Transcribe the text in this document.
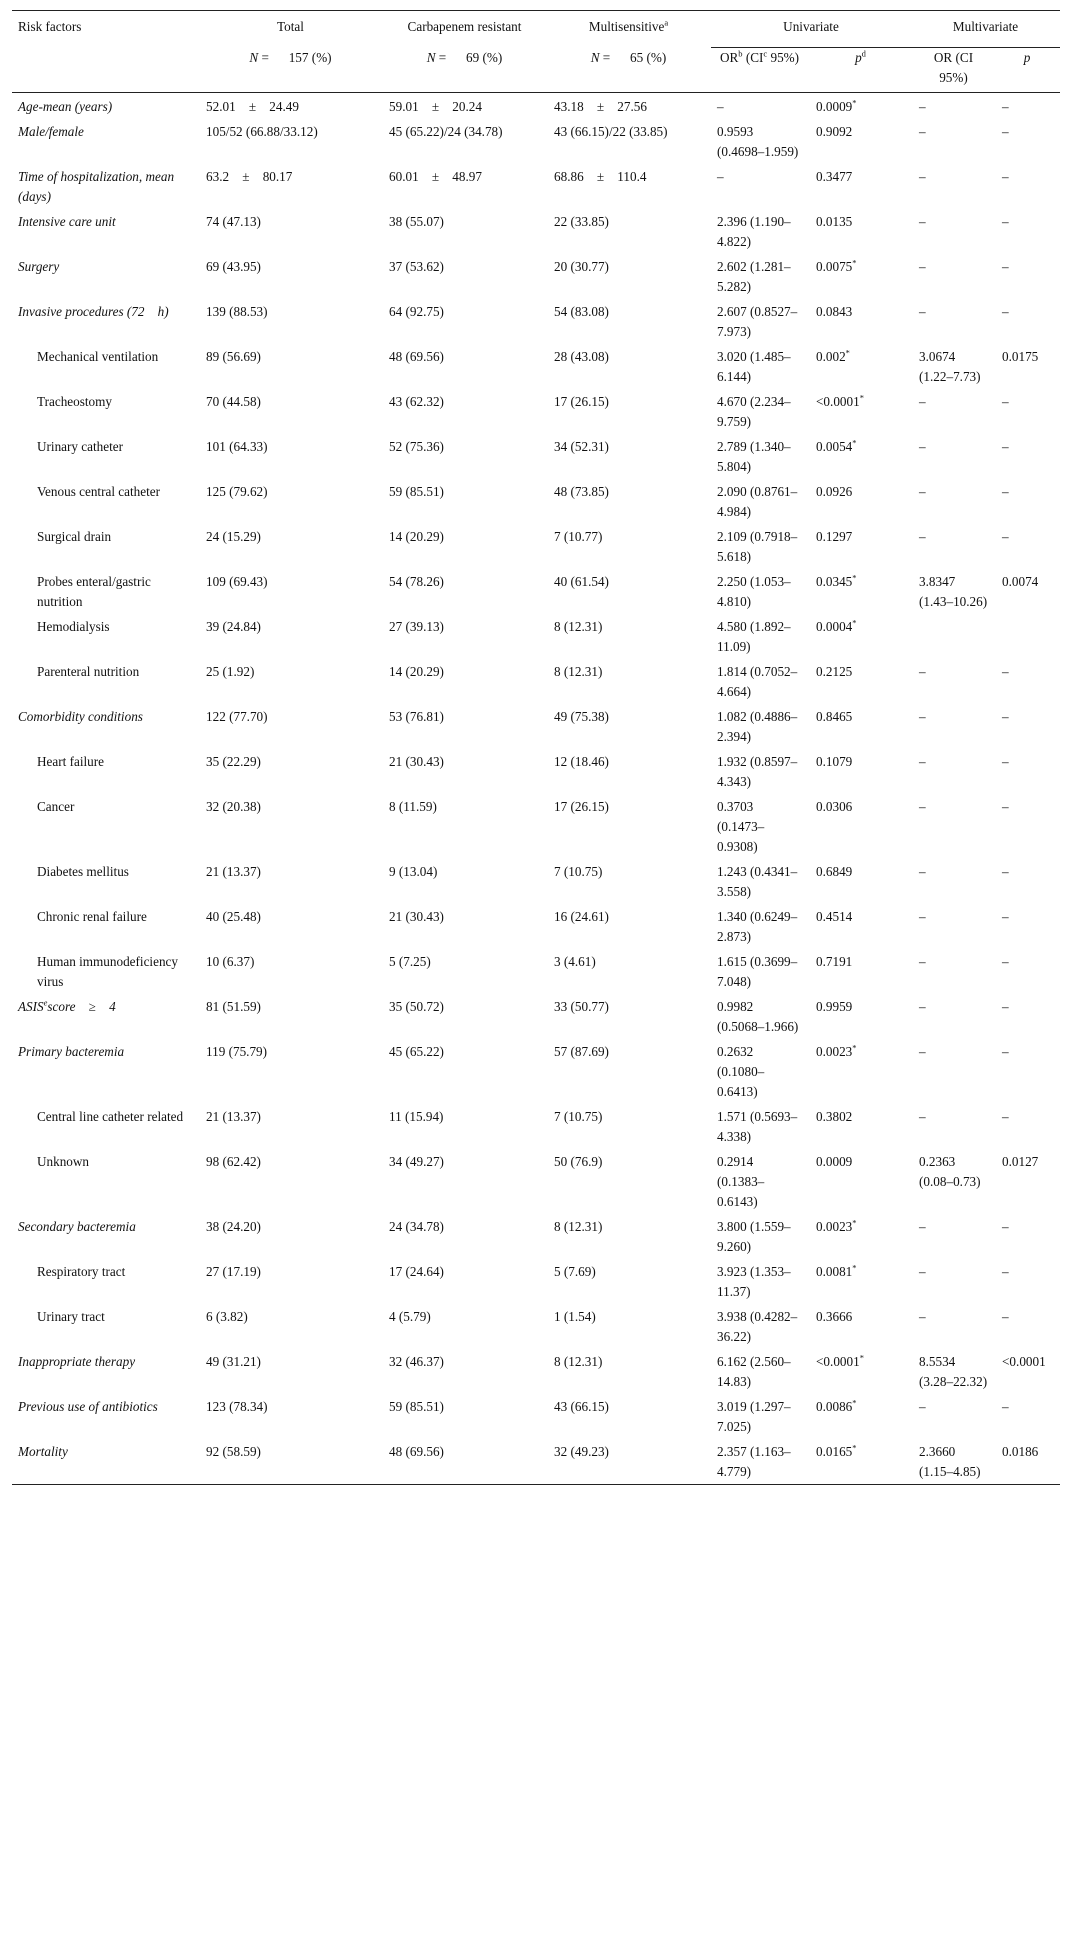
Risk factors	Total	Carbapenem resistant	Multisensitive$^a$	Univariate		Multivariate	
	N =      157 (%)	N =      69 (%)	N =      65 (%)	$OR^b$ ($CI^c$ 95%)	$p^d$	OR (CI 95%)	p
Age-mean (years)	52.01    ±    24.49	59.01    ±    20.24	43.18    ±    27.56	–	0.0009*	–	–
Male/female	105/52 (66.88/33.12)	45 (65.22)/24 (34.78)	43 (66.15)/22 (33.85)	0.9593 (0.4698–1.959)	0.9092	–	–
Time of hospitalization, mean (days)	63.2    ±    80.17	60.01    ±    48.97	68.86    ±    110.4	–	0.3477	–	–
Intensive care unit	74 (47.13)	38 (55.07)	22 (33.85)	2.396 (1.190–4.822)	0.0135	–	–
Surgery	69 (43.95)	37 (53.62)	20 (30.77)	2.602 (1.281–5.282)	0.0075*	–	–
Invasive procedures (72    h)	139 (88.53)	64 (92.75)	54 (83.08)	2.607 (0.8527–7.973)	0.0843	–	–
Mechanical ventilation	89 (56.69)	48 (69.56)	28 (43.08)	3.020 (1.485–6.144)	0.002*	3.0674 (1.22–7.73)	0.0175
Tracheostomy	70 (44.58)	43 (62.32)	17 (26.15)	4.670 (2.234–9.759)	<0.0001*	–	–
Urinary catheter	101 (64.33)	52 (75.36)	34 (52.31)	2.789 (1.340–5.804)	0.0054*	–	–
Venous central catheter	125 (79.62)	59 (85.51)	48 (73.85)	2.090 (0.8761–4.984)	0.0926	–	–
Surgical drain	24 (15.29)	14 (20.29)	7 (10.77)	2.109 (0.7918–5.618)	0.1297	–	–
Probes enteral/gastric nutrition	109 (69.43)	54 (78.26)	40 (61.54)	2.250 (1.053–4.810)	0.0345*	3.8347 (1.43–10.26)	0.0074
Hemodialysis	39 (24.84)	27 (39.13)	8 (12.31)	4.580 (1.892–11.09)	0.0004*		
Parenteral nutrition	25 (1.92)	14 (20.29)	8 (12.31)	1.814 (0.7052–4.664)	0.2125	–	–
Comorbidity conditions	122 (77.70)	53 (76.81)	49 (75.38)	1.082 (0.4886–2.394)	0.8465	–	–
Heart failure	35 (22.29)	21 (30.43)	12 (18.46)	1.932 (0.8597–4.343)	0.1079	–	–
Cancer	32 (20.38)	8 (11.59)	17 (26.15)	0.3703 (0.1473–0.9308)	0.0306	–	–
Diabetes mellitus	21 (13.37)	9 (13.04)	7 (10.75)	1.243 (0.4341–3.558)	0.6849	–	–
Chronic renal failure	40 (25.48)	21 (30.43)	16 (24.61)	1.340 (0.6249–2.873)	0.4514	–	–
Human immunodeficiency virus	10 (6.37)	5 (7.25)	3 (4.61)	1.615 (0.3699–7.048)	0.7191	–	–
ASIS$^e$score    ≥    4	81 (51.59)	35 (50.72)	33 (50.77)	0.9982 (0.5068–1.966)	0.9959	–	–
Primary bacteremia	119 (75.79)	45 (65.22)	57 (87.69)	0.2632 (0.1080–0.6413)	0.0023*	–	–
Central line catheter related	21 (13.37)	11 (15.94)	7 (10.75)	1.571 (0.5693–4.338)	0.3802	–	–
Unknown	98 (62.42)	34 (49.27)	50 (76.9)	0.2914 (0.1383–0.6143)	0.0009	0.2363 (0.08–0.73)	0.0127
Secondary bacteremia	38 (24.20)	24 (34.78)	8 (12.31)	3.800 (1.559–9.260)	0.0023*	–	–
Respiratory tract	27 (17.19)	17 (24.64)	5 (7.69)	3.923 (1.353–11.37)	0.0081*	–	–
Urinary tract	6 (3.82)	4 (5.79)	1 (1.54)	3.938 (0.4282–36.22)	0.3666	–	–
Inappropriate therapy	49 (31.21)	32 (46.37)	8 (12.31)	6.162 (2.560–14.83)	<0.0001*	8.5534 (3.28–22.32)	<0.0001
Previous use of antibiotics	123 (78.34)	59 (85.51)	43 (66.15)	3.019 (1.297–7.025)	0.0086*	–	–
Mortality	92 (58.59)	48 (69.56)	32 (49.23)	2.357 (1.163–4.779)	0.0165*	2.3660 (1.15–4.85)	0.0186
